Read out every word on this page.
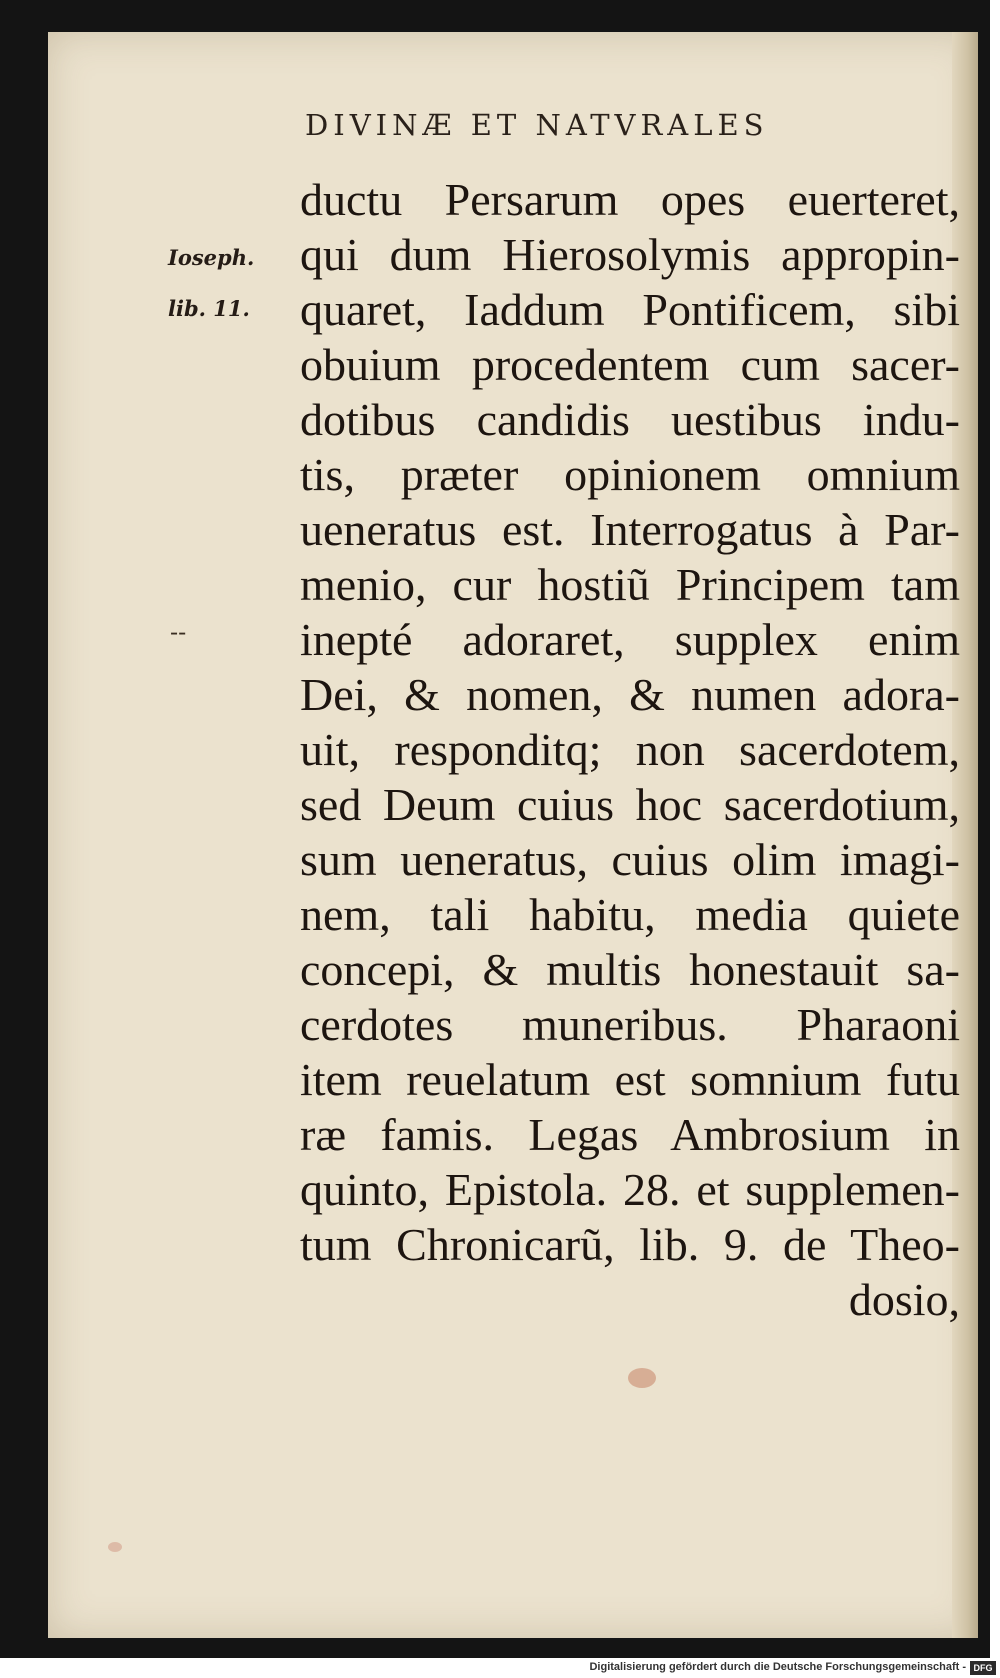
DIVINÆ ET NATVRALES
Ioseph.
lib. 11.
--
ductu Persarum opes euerteret,
qui dum Hierosolymis appropin-
quaret, Iaddum Pontificem, sibi
obuium procedentem cum sacer-
dotibus candidis uestibus indu-
tis, præter opinionem omnium
ueneratus est. Interrogatus à Par-
menio, cur hostiũ Principem tam
inepté adoraret, supplex enim
Dei, & nomen, & numen adora-
uit, responditq; non sacerdotem,
sed Deum cuius hoc sacerdotium,
sum ueneratus, cuius olim imagi-
nem, tali habitu, media quiete
concepi, & multis honestauit sa-
cerdotes muneribus. Pharaoni
item reuelatum est somnium futu
ræ famis. Legas Ambrosium in
quinto, Epistola. 28. et supplemen-
tum Chronicarũ, lib. 9. de Theo-
dosio,
Digitalisierung gefördert durch die Deutsche Forschungsgemeinschaft - DFG
